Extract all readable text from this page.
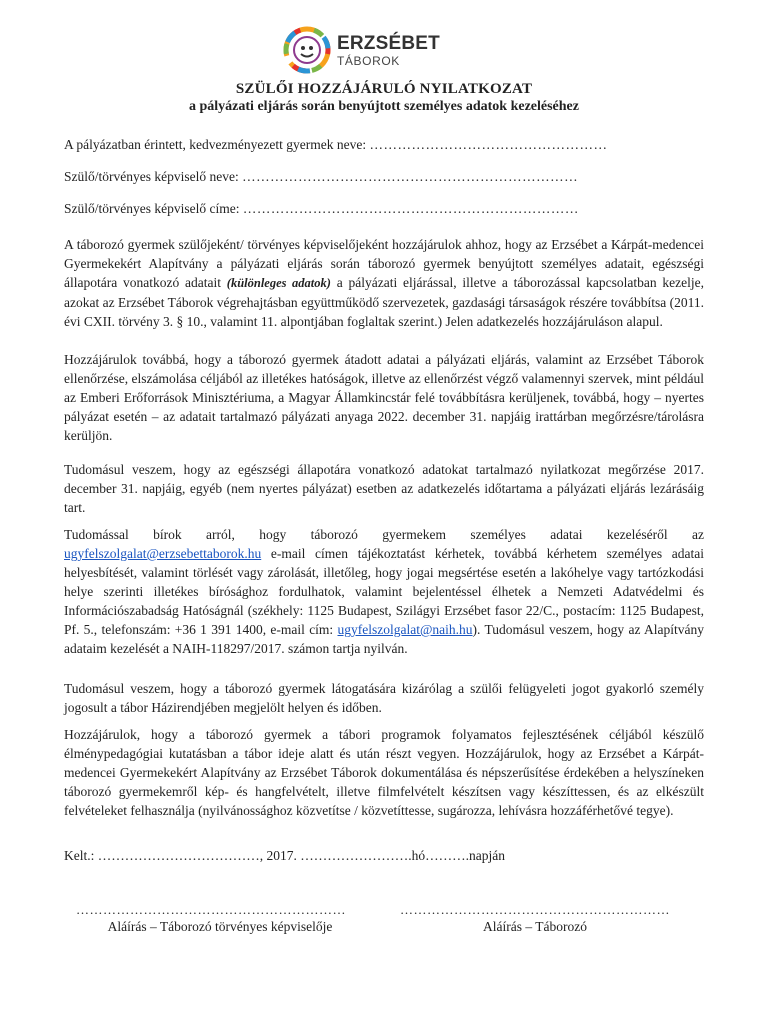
ERZSÉBET
TÁBOROK
SZÜLŐI HOZZÁJÁRULÓ NYILATKOZAT
a pályázati eljárás során benyújtott személyes adatok kezeléséhez
A pályázatban érintett, kedvezményezett gyermek neve: ……………………………………………
Szülő/törvényes képviselő neve: ………………………………………………………………
Szülő/törvényes képviselő címe: ………………………………………………………………
A táborozó gyermek szülőjeként/ törvényes képviselőjeként hozzájárulok ahhoz, hogy az Erzsébet a Kárpát-medencei Gyermekekért Alapítvány a pályázati eljárás során táborozó gyermek benyújtott személyes adatait, egészségi állapotára vonatkozó adatait (különleges adatok) a pályázati eljárással, illetve a táborozással kapcsolatban kezelje, azokat az Erzsébet Táborok végrehajtásban együttműködő szervezetek, gazdasági társaságok részére továbbítsa (2011. évi CXII. törvény 3. § 10., valamint 11. alpontjában foglaltak szerint.) Jelen adatkezelés hozzájáruláson alapul.
Hozzájárulok továbbá, hogy a táborozó gyermek átadott adatai a pályázati eljárás, valamint az Erzsébet Táborok ellenőrzése, elszámolása céljából az illetékes hatóságok, illetve az ellenőrzést végző valamennyi szervek, mint például az Emberi Erőforrások Minisztériuma, a Magyar Államkincstár felé továbbításra kerüljenek, továbbá, hogy – nyertes pályázat esetén – az adatait tartalmazó pályázati anyaga 2022. december 31. napjáig irattárban megőrzésre/tárolásra kerüljön.
Tudomásul veszem, hogy az egészségi állapotára vonatkozó adatokat tartalmazó nyilatkozat megőrzése 2017. december 31. napjáig, egyéb (nem nyertes pályázat) esetben az adatkezelés időtartama a pályázati eljárás lezárásáig tart.
Tudomással bírok arról, hogy táborozó gyermekem személyes adatai kezeléséről az ugyfelszolgalat@erzsebettaborok.hu e-mail címen tájékoztatást kérhetek, továbbá kérhetem személyes adatai helyesbítését, valamint törlését vagy zárolását, illetőleg, hogy jogai megsértése esetén a lakóhelye vagy tartózkodási helye szerinti illetékes bírósághoz fordulhatok, valamint bejelentéssel élhetek a Nemzeti Adatvédelmi és Információszabadság Hatóságnál (székhely: 1125 Budapest, Szilágyi Erzsébet fasor 22/C., postacím: 1125 Budapest, Pf. 5., telefonszám: +36 1 391 1400, e-mail cím: ugyfelszolgalat@naih.hu). Tudomásul veszem, hogy az Alapítvány adataim kezelését a NAIH-118297/2017. számon tartja nyilván.
Tudomásul veszem, hogy a táborozó gyermek látogatására kizárólag a szülői felügyeleti jogot gyakorló személy jogosult a tábor Házirendjében megjelölt helyen és időben.
Hozzájárulok, hogy a táborozó gyermek a tábori programok folyamatos fejlesztésének céljából készülő élménypedagógiai kutatásban a tábor ideje alatt és után részt vegyen. Hozzájárulok, hogy az Erzsébet a Kárpát-medencei Gyermekekért Alapítvány az Erzsébet Táborok dokumentálása és népszerűsítése érdekében a helyszíneken táborozó gyermekemről kép- és hangfelvételt, illetve filmfelvételt készítsen vagy készíttessen, és az elkészült felvételeket felhasználja (nyilvánossághoz közvetítse / közvetíttesse, sugározza, lehívásra hozzáférhetővé tegye).
Kelt.: ………………………………, 2017. …………………….hó……….napján
……………………………………………………	……………………………………………………
Aláírás – Táborozó törvényes képviselője	Aláírás – Táborozó
